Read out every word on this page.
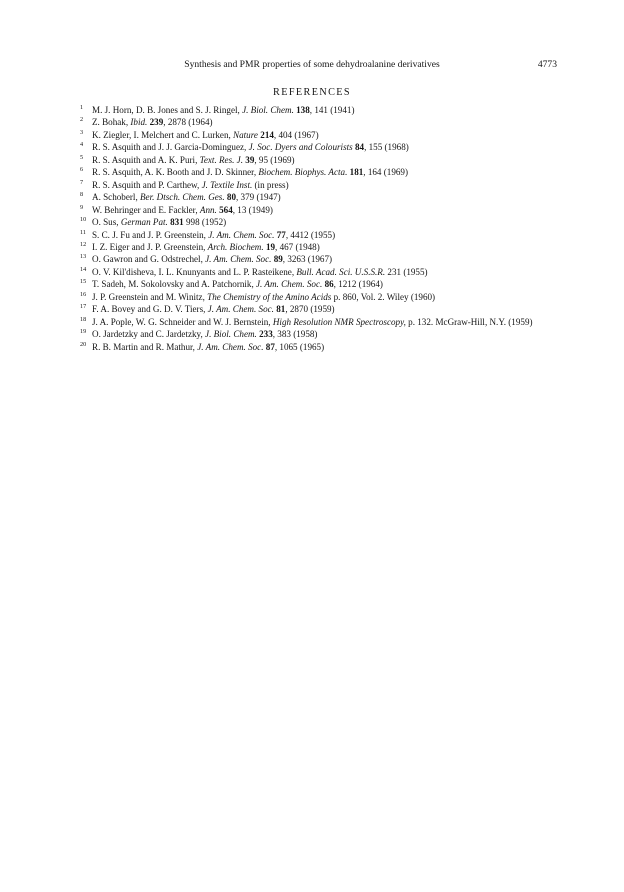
Synthesis and PMR properties of some dehydroalanine derivatives	4773
REFERENCES
1 M. J. Horn, D. B. Jones and S. J. Ringel, J. Biol. Chem. 138, 141 (1941)
2 Z. Bohak, Ibid. 239, 2878 (1964)
3 K. Ziegler, I. Melchert and C. Lurken, Nature 214, 404 (1967)
4 R. S. Asquith and J. J. Garcia-Dominguez, J. Soc. Dyers and Colourists 84, 155 (1968)
5 R. S. Asquith and A. K. Puri, Text. Res. J. 39, 95 (1969)
6 R. S. Asquith, A. K. Booth and J. D. Skinner, Biochem. Biophys. Acta. 181, 164 (1969)
7 R. S. Asquith and P. Carthew, J. Textile Inst. (in press)
8 A. Schoberl, Ber. Dtsch. Chem. Ges. 80, 379 (1947)
9 W. Behringer and E. Fackler, Ann. 564, 13 (1949)
10 O. Sus, German Pat. 831 998 (1952)
11 S. C. J. Fu and J. P. Greenstein, J. Am. Chem. Soc. 77, 4412 (1955)
12 I. Z. Eiger and J. P. Greenstein, Arch. Biochem. 19, 467 (1948)
13 O. Gawron and G. Odstrechel, J. Am. Chem. Soc. 89, 3263 (1967)
14 O. V. Kil'disheva, I. L. Knunyants and L. P. Rasteikene, Bull. Acad. Sci. U.S.S.R. 231 (1955)
15 T. Sadeh, M. Sokolovsky and A. Patchornik, J. Am. Chem. Soc. 86, 1212 (1964)
16 J. P. Greenstein and M. Winitz, The Chemistry of the Amino Acids p. 860, Vol. 2. Wiley (1960)
17 F. A. Bovey and G. D. V. Tiers, J. Am. Chem. Soc. 81, 2870 (1959)
18 J. A. Pople, W. G. Schneider and W. J. Bernstein, High Resolution NMR Spectroscopy, p. 132. McGraw-Hill, N.Y. (1959)
19 O. Jardetzky and C. Jardetzky, J. Biol. Chem. 233, 383 (1958)
20 R. B. Martin and R. Mathur, J. Am. Chem. Soc. 87, 1065 (1965)
